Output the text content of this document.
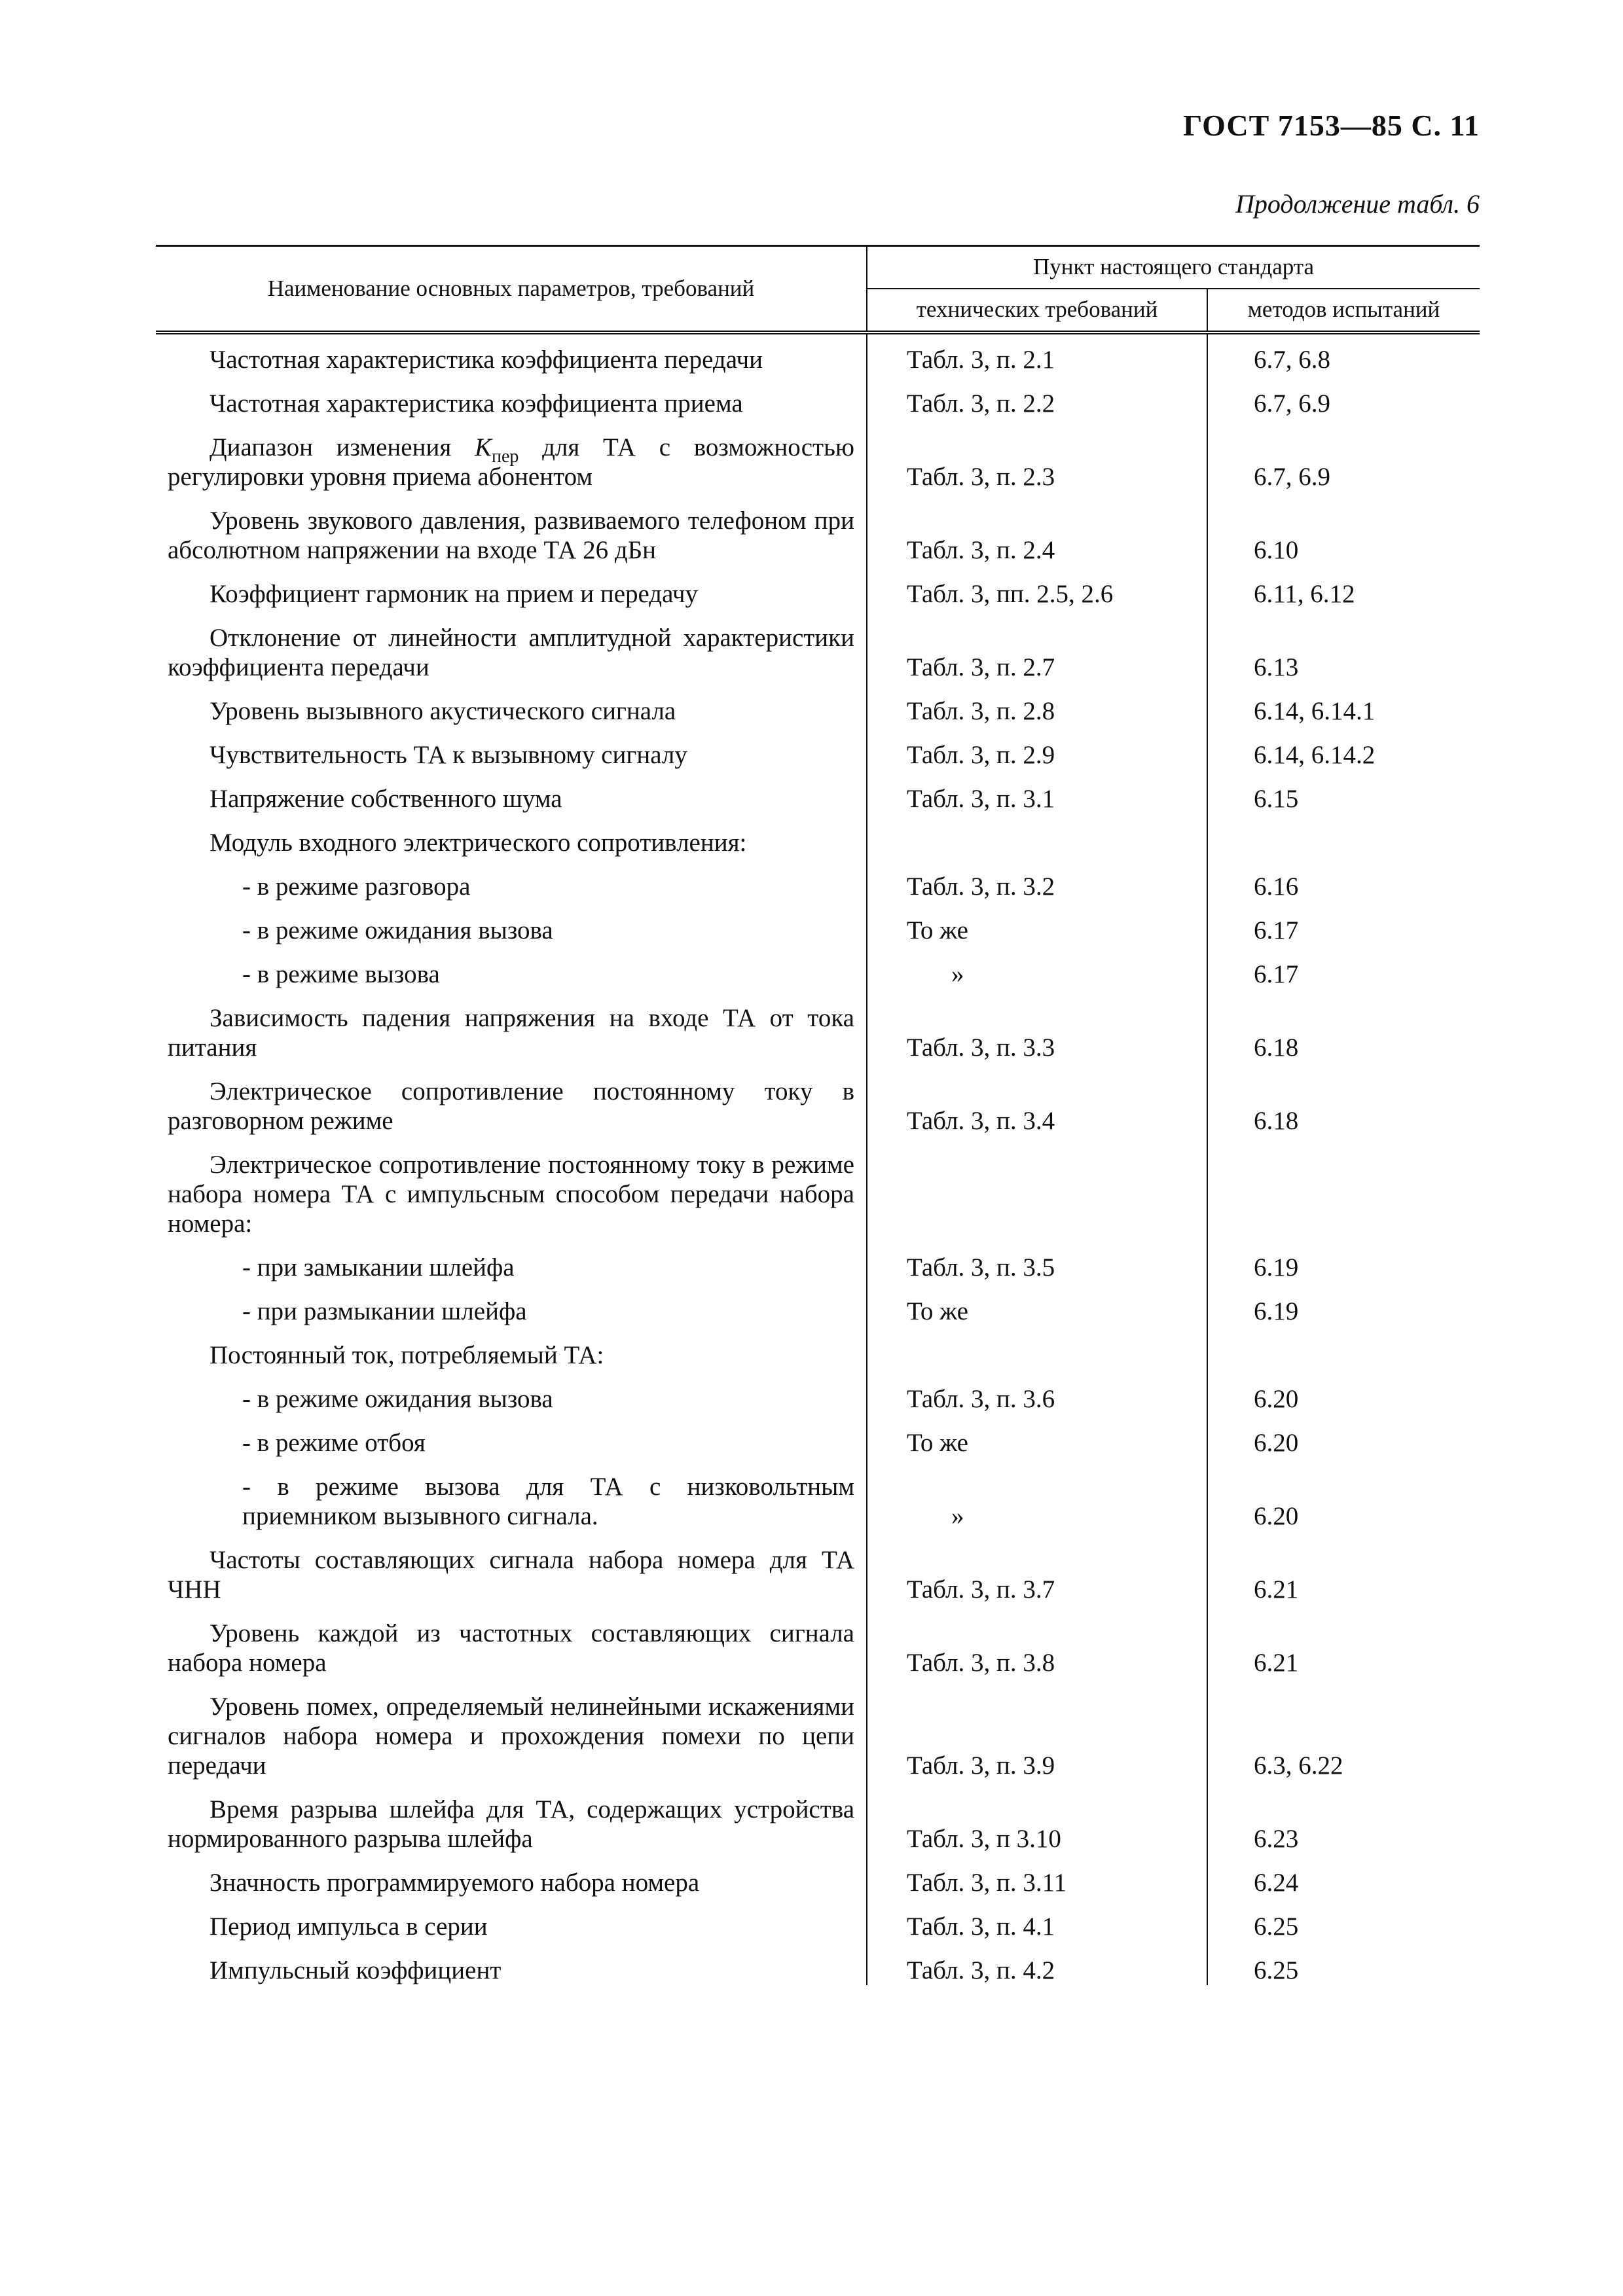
ГОСТ 7153—85 С. 11
Продолжение табл. 6
Наименование основных параметров, требований	Пункт настоящего стандарта	
	технических требований	методов испытаний

Частотная характеристика коэффициента передачи	Табл. 3, п. 2.1	6.7, 6.8

Частотная характеристика коэффициента приема	Табл. 3, п. 2.2	6.7, 6.9

Диапазон изменения $K_{пер}$ для ТА с возможностью регулировки уровня приема абонентом	Табл. 3, п. 2.3	6.7, 6.9

Уровень звукового давления, развиваемого телефоном при абсолютном напряжении на входе ТА 26 дБн	Табл. 3, п. 2.4	6.10

Коэффициент гармоник на прием и передачу	Табл. 3, пп. 2.5, 2.6	6.11, 6.12

Отклонение от линейности амплитудной характеристики коэффициента передачи	Табл. 3, п. 2.7	6.13

Уровень вызывного акустического сигнала	Табл. 3, п. 2.8	6.14, 6.14.1

Чувствительность ТА к вызывному сигналу	Табл. 3, п. 2.9	6.14, 6.14.2

Напряжение собственного шума	Табл. 3, п. 3.1	6.15

Модуль входного электрического сопротивления:		

- в режиме разговора	Табл. 3, п. 3.2	6.16

- в режиме ожидания вызова	То же	6.17

- в режиме вызова	»	6.17

Зависимость падения напряжения на входе ТА от тока питания	Табл. 3, п. 3.3	6.18

Электрическое сопротивление постоянному току в разговорном режиме	Табл. 3, п. 3.4	6.18

Электрическое сопротивление постоянному току в режиме набора номера ТА с импульсным способом передачи набора номера:		

- при замыкании шлейфа	Табл. 3, п. 3.5	6.19

- при размыкании шлейфа	То же	6.19

Постоянный ток, потребляемый ТА:		

- в режиме ожидания вызова	Табл. 3, п. 3.6	6.20

- в режиме отбоя	То же	6.20

- в режиме вызова для ТА с низковольтным приемником вызывного сигнала.	»	6.20

Частоты составляющих сигнала набора номера для ТА ЧНН	Табл. 3, п. 3.7	6.21

Уровень каждой из частотных составляющих сигнала набора номера	Табл. 3, п. 3.8	6.21

Уровень помех, определяемый нелинейными искажениями сигналов набора номера и прохождения помехи по цепи передачи	Табл. 3, п. 3.9	6.3, 6.22

Время разрыва шлейфа для ТА, содержащих устройства нормированного разрыва шлейфа	Табл. 3, п 3.10	6.23

Значность программируемого набора номера	Табл. 3, п. 3.11	6.24

Период импульса в серии	Табл. 3, п. 4.1	6.25

Импульсный коэффициент	Табл. 3, п. 4.2	6.25
